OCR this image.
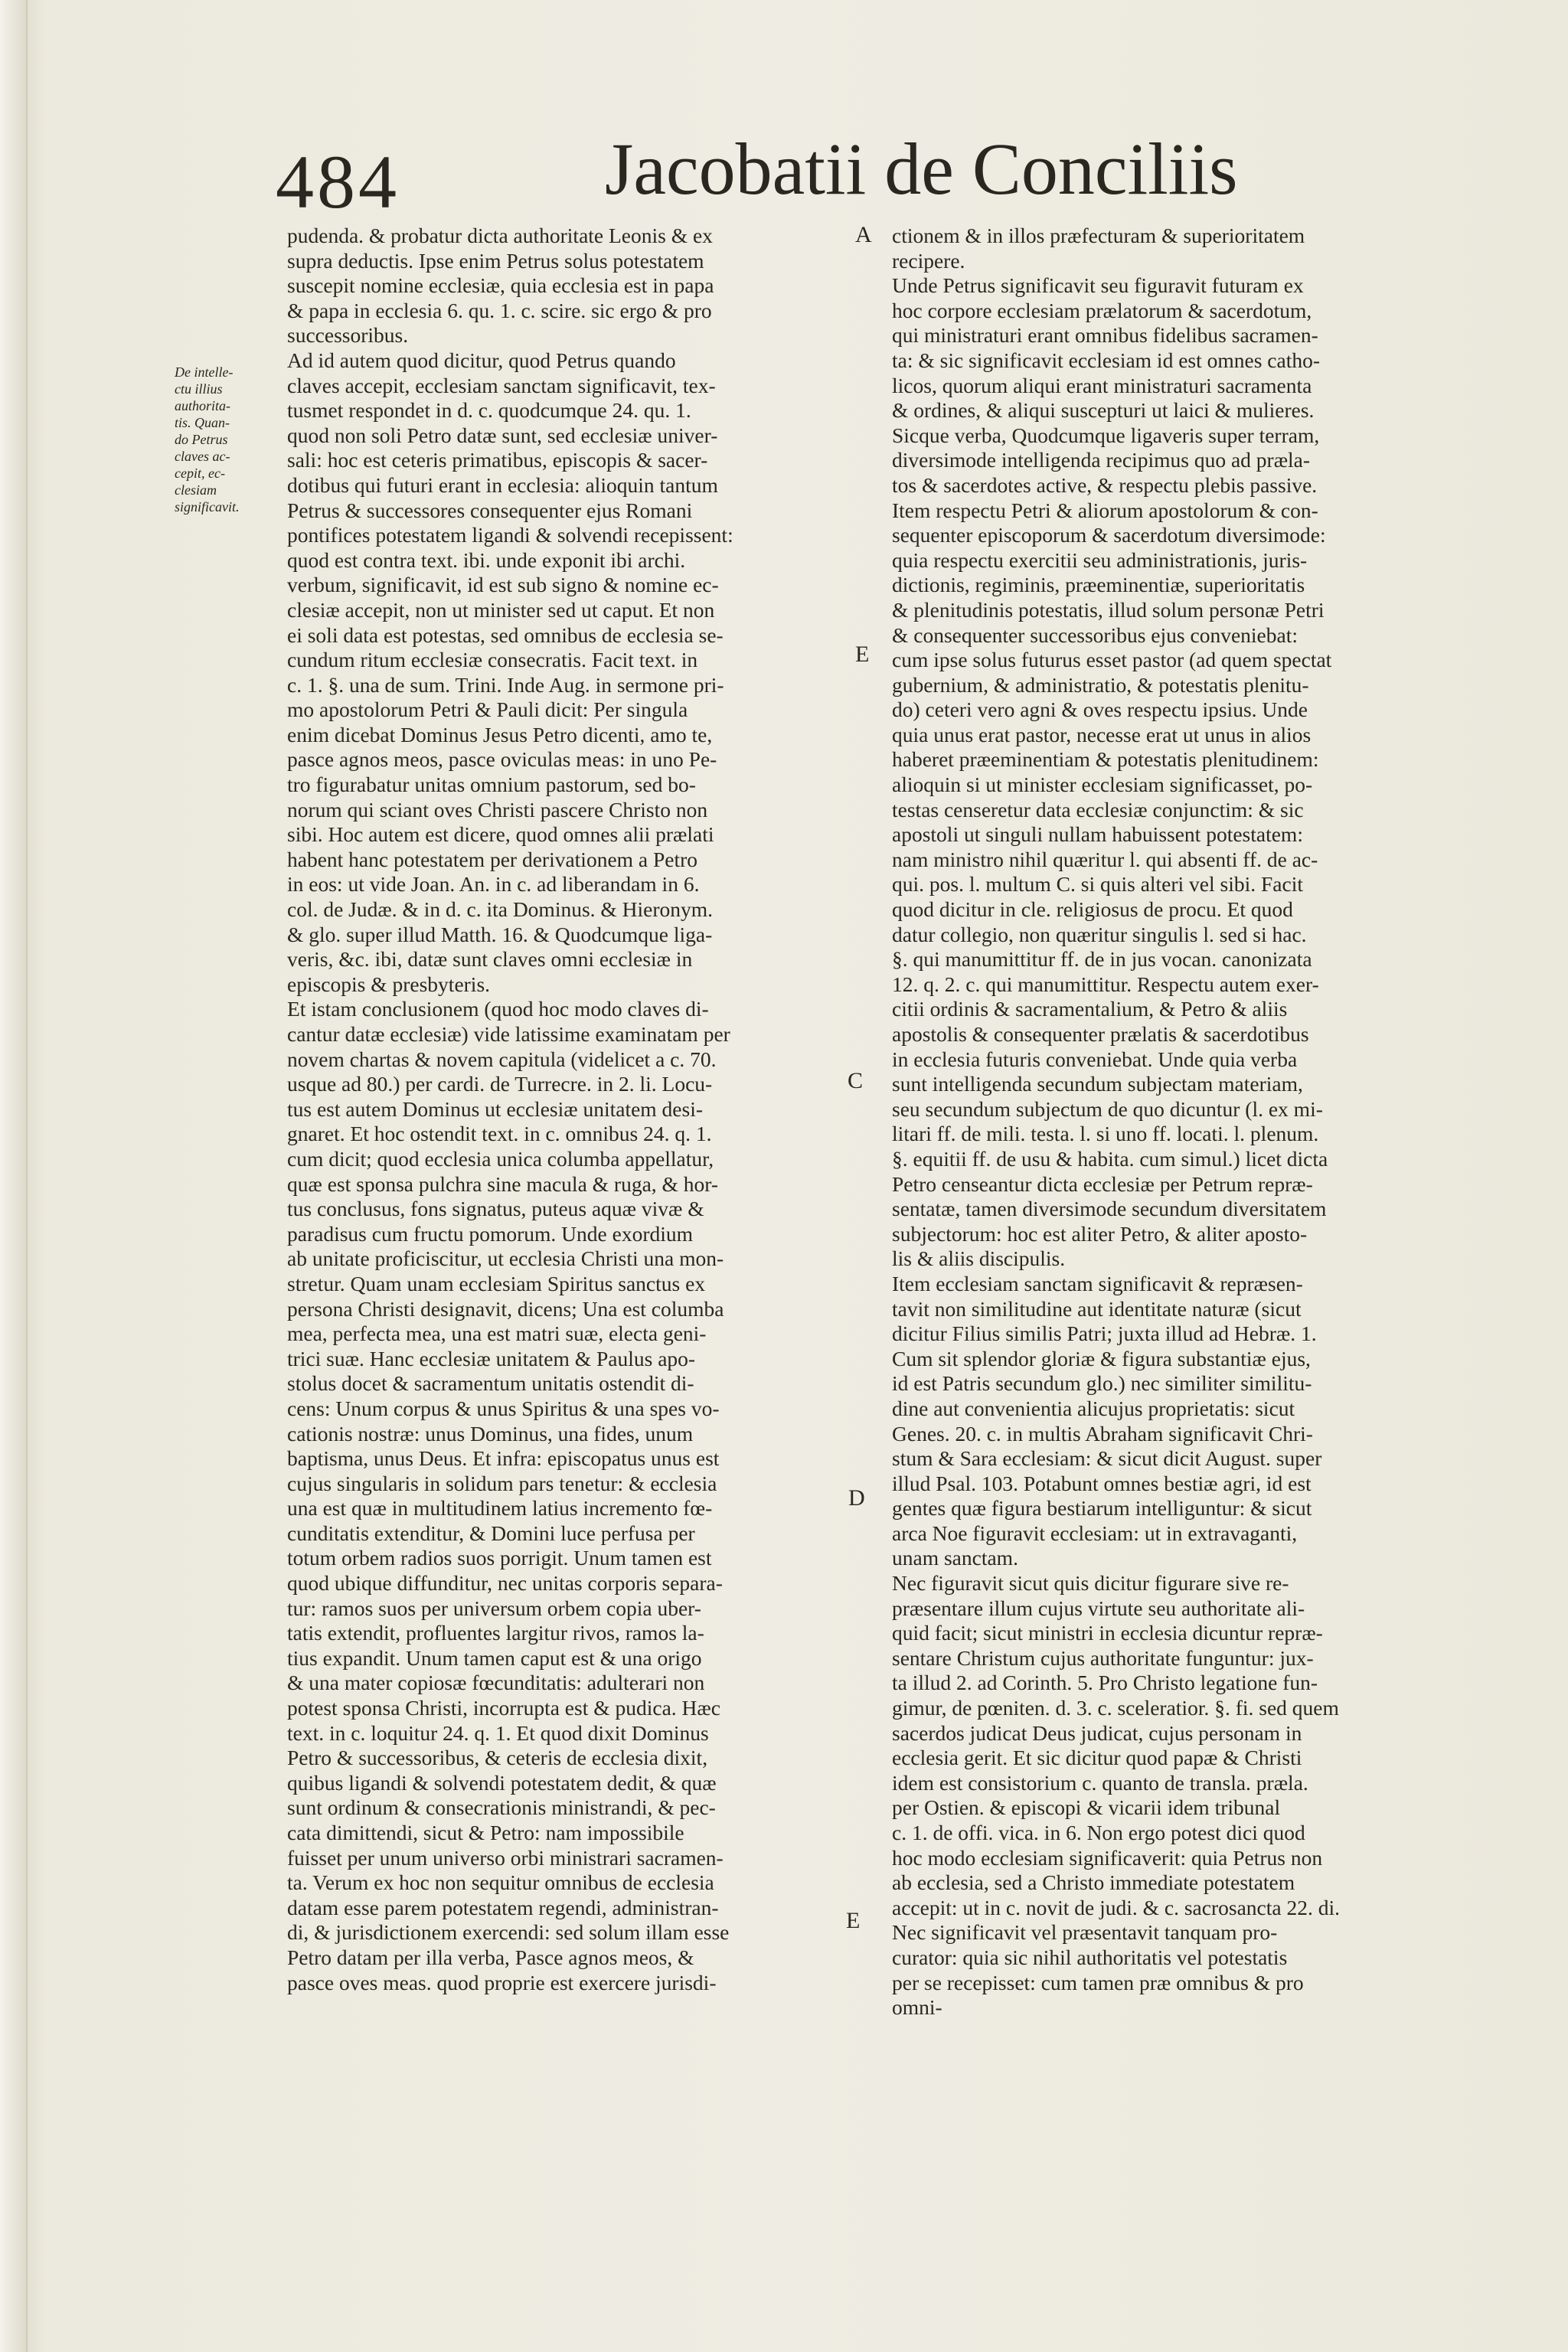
484	Jacobatii de Conciliis
De intelle-
ctu illius
authorita-
tis. Quan-
do Petrus
claves ac-
cepit, ec-
clesiam
significavit.
pudenda. & probatur dicta authoritate Leonis & ex
supra deductis. Ipse enim Petrus solus potestatem
suscepit nomine ecclesiæ, quia ecclesia est in papa
& papa in ecclesia 6. qu. 1. c. scire. sic ergo & pro
successoribus.
Ad id autem quod dicitur, quod Petrus quando
claves accepit, ecclesiam sanctam significavit, tex-
tusmet respondet in d. c. quodcumque 24. qu. 1.
quod non soli Petro datæ sunt, sed ecclesiæ univer-
sali: hoc est ceteris primatibus, episcopis & sacer-
dotibus qui futuri erant in ecclesia: alioquin tantum
Petrus & successores consequenter ejus Romani
pontifices potestatem ligandi & solvendi recepissent:
quod est contra text. ibi. unde exponit ibi archi.
verbum, significavit, id est sub signo & nomine ec-
clesiæ accepit, non ut minister sed ut caput. Et non
ei soli data est potestas, sed omnibus de ecclesia se-
cundum ritum ecclesiæ consecratis. Facit text. in
c. 1. §. una de sum. Trini. Inde Aug. in sermone pri-
mo apostolorum Petri & Pauli dicit: Per singula
enim dicebat Dominus Jesus Petro dicenti, amo te,
pasce agnos meos, pasce oviculas meas: in uno Pe-
tro figurabatur unitas omnium pastorum, sed bo-
norum qui sciant oves Christi pascere Christo non
sibi. Hoc autem est dicere, quod omnes alii prælati
habent hanc potestatem per derivationem a Petro
in eos: ut vide Joan. An. in c. ad liberandam in 6.
col. de Judæ. & in d. c. ita Dominus. & Hieronym.
& glo. super illud Matth. 16. & Quodcumque liga-
veris, &c. ibi, datæ sunt claves omni ecclesiæ in
episcopis & presbyteris.
Et istam conclusionem (quod hoc modo claves di-
cantur datæ ecclesiæ) vide latissime examinatam per
novem chartas & novem capitula (videlicet a c. 70.
usque ad 80.) per cardi. de Turrecre. in 2. li. Locu-
tus est autem Dominus ut ecclesiæ unitatem desi-
gnaret. Et hoc ostendit text. in c. omnibus 24. q. 1.
cum dicit; quod ecclesia unica columba appellatur,
quæ est sponsa pulchra sine macula & ruga, & hor-
tus conclusus, fons signatus, puteus aquæ vivæ &
paradisus cum fructu pomorum. Unde exordium
ab unitate proficiscitur, ut ecclesia Christi una mon-
stretur. Quam unam ecclesiam Spiritus sanctus ex
persona Christi designavit, dicens; Una est columba
mea, perfecta mea, una est matri suæ, electa geni-
trici suæ. Hanc ecclesiæ unitatem & Paulus apo-
stolus docet & sacramentum unitatis ostendit di-
cens: Unum corpus & unus Spiritus & una spes vo-
cationis nostræ: unus Dominus, una fides, unum
baptisma, unus Deus. Et infra: episcopatus unus est
cujus singularis in solidum pars tenetur: & ecclesia
una est quæ in multitudinem latius incremento fœ-
cunditatis extenditur, & Domini luce perfusa per
totum orbem radios suos porrigit. Unum tamen est
quod ubique diffunditur, nec unitas corporis separa-
tur: ramos suos per universum orbem copia uber-
tatis extendit, profluentes largitur rivos, ramos la-
tius expandit. Unum tamen caput est & una origo
& una mater copiosæ fœcunditatis: adulterari non
potest sponsa Christi, incorrupta est & pudica. Hæc
text. in c. loquitur 24. q. 1. Et quod dixit Dominus
Petro & successoribus, & ceteris de ecclesia dixit,
quibus ligandi & solvendi potestatem dedit, & quæ
sunt ordinum & consecrationis ministrandi, & pec-
cata dimittendi, sicut & Petro: nam impossibile
fuisset per unum universo orbi ministrari sacramen-
ta. Verum ex hoc non sequitur omnibus de ecclesia
datam esse parem potestatem regendi, administran-
di, & jurisdictionem exercendi: sed solum illam esse
Petro datam per illa verba, Pasce agnos meos, &
pasce oves meas. quod proprie est exercere jurisdi-
ctionem & in illos præfecturam & superioritatem
recipere.
Unde Petrus significavit seu figuravit futuram ex
hoc corpore ecclesiam prælatorum & sacerdotum,
qui ministraturi erant omnibus fidelibus sacramen-
ta: & sic significavit ecclesiam id est omnes catho-
licos, quorum aliqui erant ministraturi sacramenta
& ordines, & aliqui suscepturi ut laici & mulieres.
Sicque verba, Quodcumque ligaveris super terram,
diversimode intelligenda recipimus quo ad præla-
tos & sacerdotes active, & respectu plebis passive.
Item respectu Petri & aliorum apostolorum & con-
sequenter episcoporum & sacerdotum diversimode:
quia respectu exercitii seu administrationis, juris-
dictionis, regiminis, præeminentiæ, superioritatis
& plenitudinis potestatis, illud solum personæ Petri
& consequenter successoribus ejus conveniebat:
cum ipse solus futurus esset pastor (ad quem spectat
gubernium, & administratio, & potestatis plenitu-
do) ceteri vero agni & oves respectu ipsius. Unde
quia unus erat pastor, necesse erat ut unus in alios
haberet præeminentiam & potestatis plenitudinem:
alioquin si ut minister ecclesiam significasset, po-
testas censeretur data ecclesiæ conjunctim: & sic
apostoli ut singuli nullam habuissent potestatem:
nam ministro nihil quæritur l. qui absenti ff. de ac-
qui. pos. l. multum C. si quis alteri vel sibi. Facit
quod dicitur in cle. religiosus de procu. Et quod
datur collegio, non quæritur singulis l. sed si hac.
§. qui manumittitur ff. de in jus vocan. canonizata
12. q. 2. c. qui manumittitur. Respectu autem exer-
citii ordinis & sacramentalium, & Petro & aliis
apostolis & consequenter prælatis & sacerdotibus
in ecclesia futuris conveniebat. Unde quia verba
sunt intelligenda secundum subjectam materiam,
seu secundum subjectum de quo dicuntur (l. ex mi-
litari ff. de mili. testa. l. si uno ff. locati. l. plenum.
§. equitii ff. de usu & habita. cum simul.) licet dicta
Petro censeantur dicta ecclesiæ per Petrum repræ-
sentatæ, tamen diversimode secundum diversitatem
subjectorum: hoc est aliter Petro, & aliter aposto-
lis & aliis discipulis.
Item ecclesiam sanctam significavit & repræsen-
tavit non similitudine aut identitate naturæ (sicut
dicitur Filius similis Patri; juxta illud ad Hebræ. 1.
Cum sit splendor gloriæ & figura substantiæ ejus,
id est Patris secundum glo.) nec similiter similitu-
dine aut convenientia alicujus proprietatis: sicut
Genes. 20. c. in multis Abraham significavit Chri-
stum & Sara ecclesiam: & sicut dicit August. super
illud Psal. 103. Potabunt omnes bestiæ agri, id est
gentes quæ figura bestiarum intelliguntur: & sicut
arca Noe figuravit ecclesiam: ut in extravaganti,
unam sanctam.
Nec figuravit sicut quis dicitur figurare sive re-
præsentare illum cujus virtute seu authoritate ali-
quid facit; sicut ministri in ecclesia dicuntur repræ-
sentare Christum cujus authoritate funguntur: jux-
ta illud 2. ad Corinth. 5. Pro Christo legatione fun-
gimur, de pœniten. d. 3. c. sceleratior. §. fi. sed quem
sacerdos judicat Deus judicat, cujus personam in
ecclesia gerit. Et sic dicitur quod papæ & Christi
idem est consistorium c. quanto de transla. præla.
per Ostien. & episcopi & vicarii idem tribunal
c. 1. de offi. vica. in 6. Non ergo potest dici quod
hoc modo ecclesiam significaverit: quia Petrus non
ab ecclesia, sed a Christo immediate potestatem
accepit: ut in c. novit de judi. & c. sacrosancta 22. di.
Nec significavit vel præsentavit tanquam pro-
curator: quia sic nihil authoritatis vel potestatis
per se recepisset: cum tamen præ omnibus & pro
omni-
A
E
C
D
E
